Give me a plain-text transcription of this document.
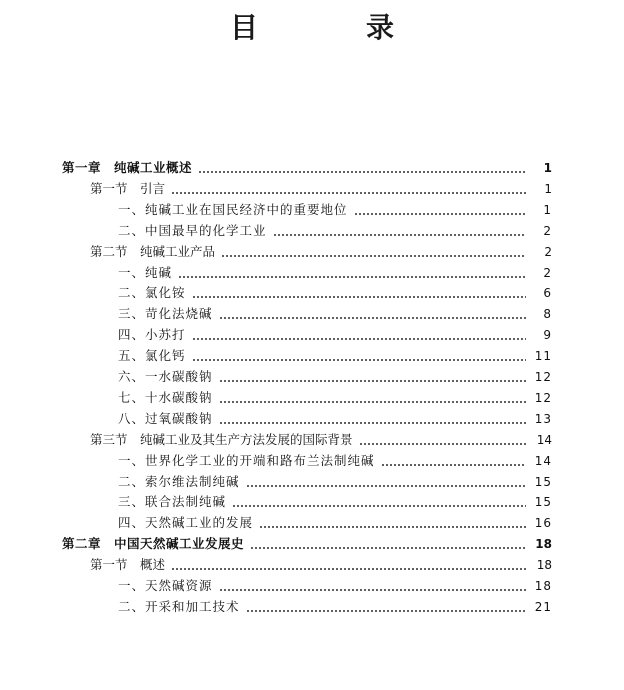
目　录
第一章　纯碱工业概述	1
第一节　引言	1
一、纯碱工业在国民经济中的重要地位	1
二、中国最早的化学工业	2
第二节　纯碱工业产品	2
一、纯碱	2
二、氯化铵	6
三、苛化法烧碱	8
四、小苏打	9
五、氯化钙	11
六、一水碳酸钠	12
七、十水碳酸钠	12
八、过氧碳酸钠	13
第三节　纯碱工业及其生产方法发展的国际背景	14
一、世界化学工业的开端和路布兰法制纯碱	14
二、索尔维法制纯碱	15
三、联合法制纯碱	15
四、天然碱工业的发展	16
第二章　中国天然碱工业发展史	18
第一节　概述	18
一、天然碱资源	18
二、开采和加工技术	21
